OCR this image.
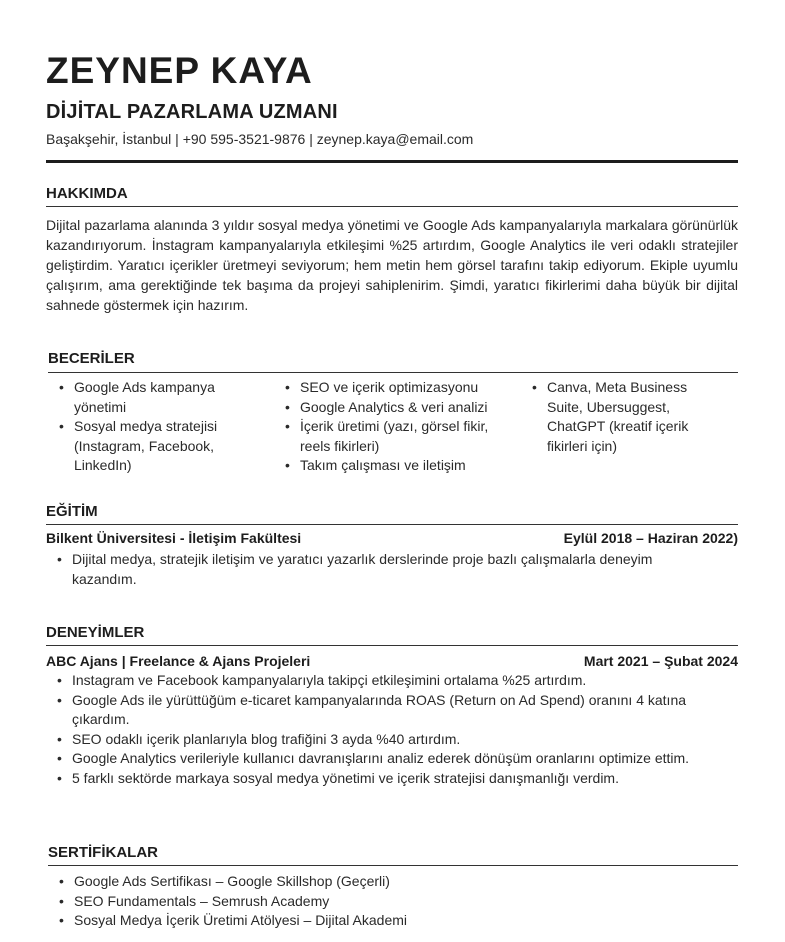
ZEYNEP KAYA
DİJİTAL PAZARLAMA UZMANI
Başakşehir, İstanbul | +90 595-3521-9876 | zeynep.kaya@email.com
HAKKIMDA

Dijital pazarlama alanında 3 yıldır sosyal medya yönetimi ve Google Ads kampanyalarıyla markalara görünürlük kazandırıyorum. İnstagram kampanyalarıyla etkileşimi %25 artırdım, Google Analytics ile veri odaklı stratejiler geliştirdim. Yaratıcı içerikler üretmeyi seviyorum; hem metin hem görsel tarafını takip ediyorum. Ekiple uyumlu çalışırım, ama gerektiğinde tek başıma da projeyi sahiplenirim. Şimdi, yaratıcı fikirlerimi daha büyük bir dijital sahnede göstermek için hazırım.

BECERİLER
• Google Ads kampanya yönetimi
• Sosyal medya stratejisi (Instagram, Facebook, LinkedIn)
• SEO ve içerik optimizasyonu
• Google Analytics & veri analizi
• İçerik üretimi (yazı, görsel fikir, reels fikirleri)
• Takım çalışması ve iletişim
• Canva, Meta Business Suite, Ubersuggest, ChatGPT (kreatif içerik fikirleri için)
EĞİTİM
Bilkent Üniversitesi - İletişim Fakültesi	Eylül 2018 – Haziran 2022)
• Dijital medya, stratejik iletişim ve yaratıcı yazarlık derslerinde proje bazlı çalışmalarla deneyim kazandım.
DENEYİMLER
ABC Ajans | Freelance & Ajans Projeleri	Mart 2021 – Şubat 2024
• Instagram ve Facebook kampanyalarıyla takipçi etkileşimini ortalama %25 artırdım.
• Google Ads ile yürüttüğüm e-ticaret kampanyalarında ROAS (Return on Ad Spend) oranını 4 katına çıkardım.
• SEO odaklı içerik planlarıyla blog trafiğini 3 ayda %40 artırdım.
• Google Analytics verileriyle kullanıcı davranışlarını analiz ederek dönüşüm oranlarını optimize ettim.
• 5 farklı sektörde markaya sosyal medya yönetimi ve içerik stratejisi danışmanlığı verdim.
SERTİFİKALAR
• Google Ads Sertifikası – Google Skillshop (Geçerli)
• SEO Fundamentals – Semrush Academy
• Sosyal Medya İçerik Üretimi Atölyesi – Dijital Akademi
